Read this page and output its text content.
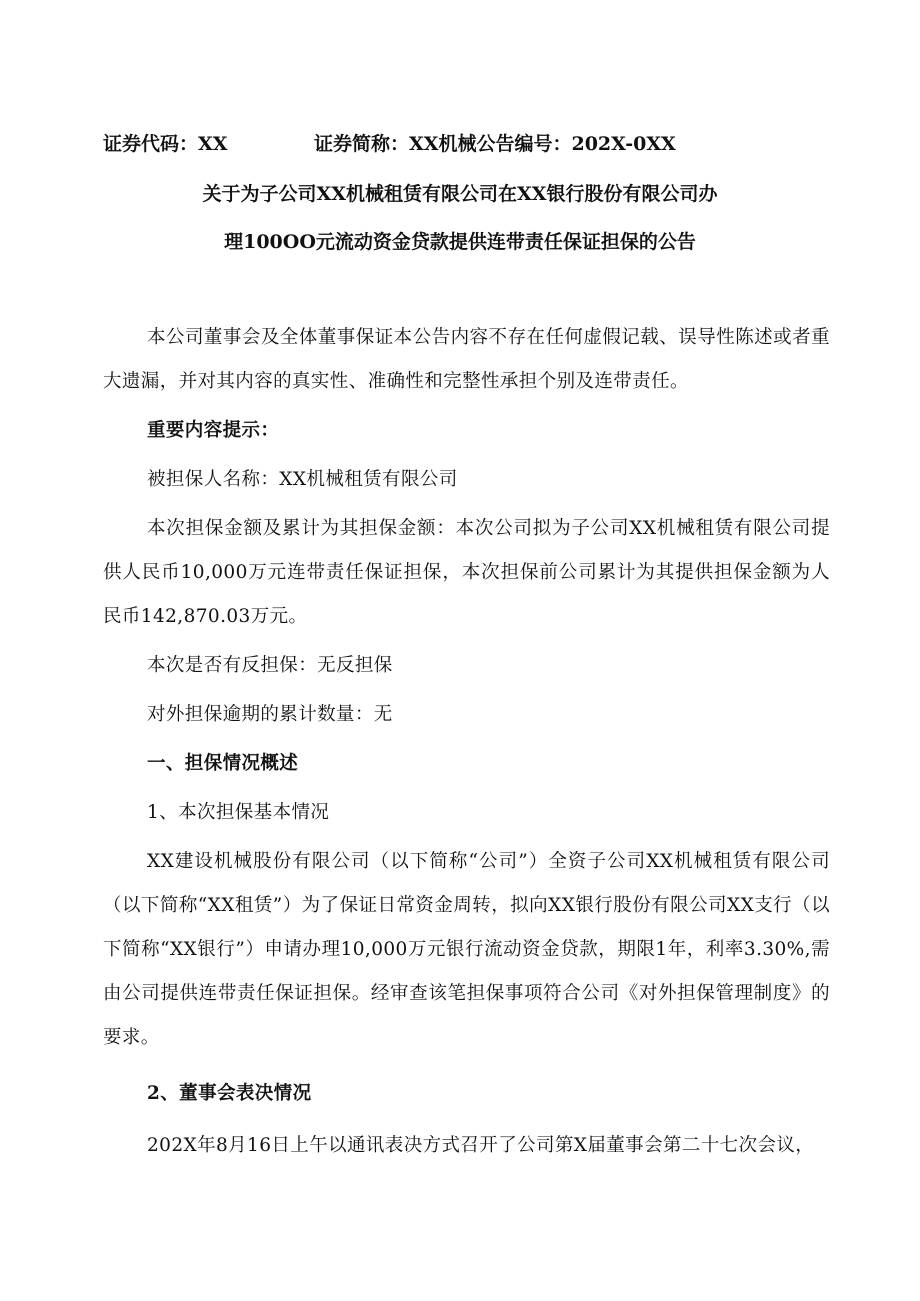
证券代码：XX	证券简称：XX机械公告编号：202X-0XX
关于为子公司XX机械租赁有限公司在XX银行股份有限公司办
理100OO元流动资金贷款提供连带责任保证担保的公告

本公司董事会及全体董事保证本公告内容不存在任何虚假记载、误导性陈述或者重大遗漏，并对其内容的真实性、准确性和完整性承担个别及连带责任。

重要内容提示：

被担保人名称：XX机械租赁有限公司

本次担保金额及累计为其担保金额：本次公司拟为子公司XX机械租赁有限公司提供人民币10,000万元连带责任保证担保，本次担保前公司累计为其提供担保金额为人民币142,870.03万元。

本次是否有反担保：无反担保

对外担保逾期的累计数量：无

一、担保情况概述

1、本次担保基本情况

XX建设机械股份有限公司（以下简称“公司”）全资子公司XX机械租赁有限公司（以下简称“XX租赁”）为了保证日常资金周转，拟向XX银行股份有限公司XX支行（以下简称“XX银行”）申请办理10,000万元银行流动资金贷款，期限1年，利率3.30%,需由公司提供连带责任保证担保。经审查该笔担保事项符合公司《对外担保管理制度》的要求。

2、董事会表决情况

202X年8月16日上午以通讯表决方式召开了公司第X届董事会第二十七次会议，
